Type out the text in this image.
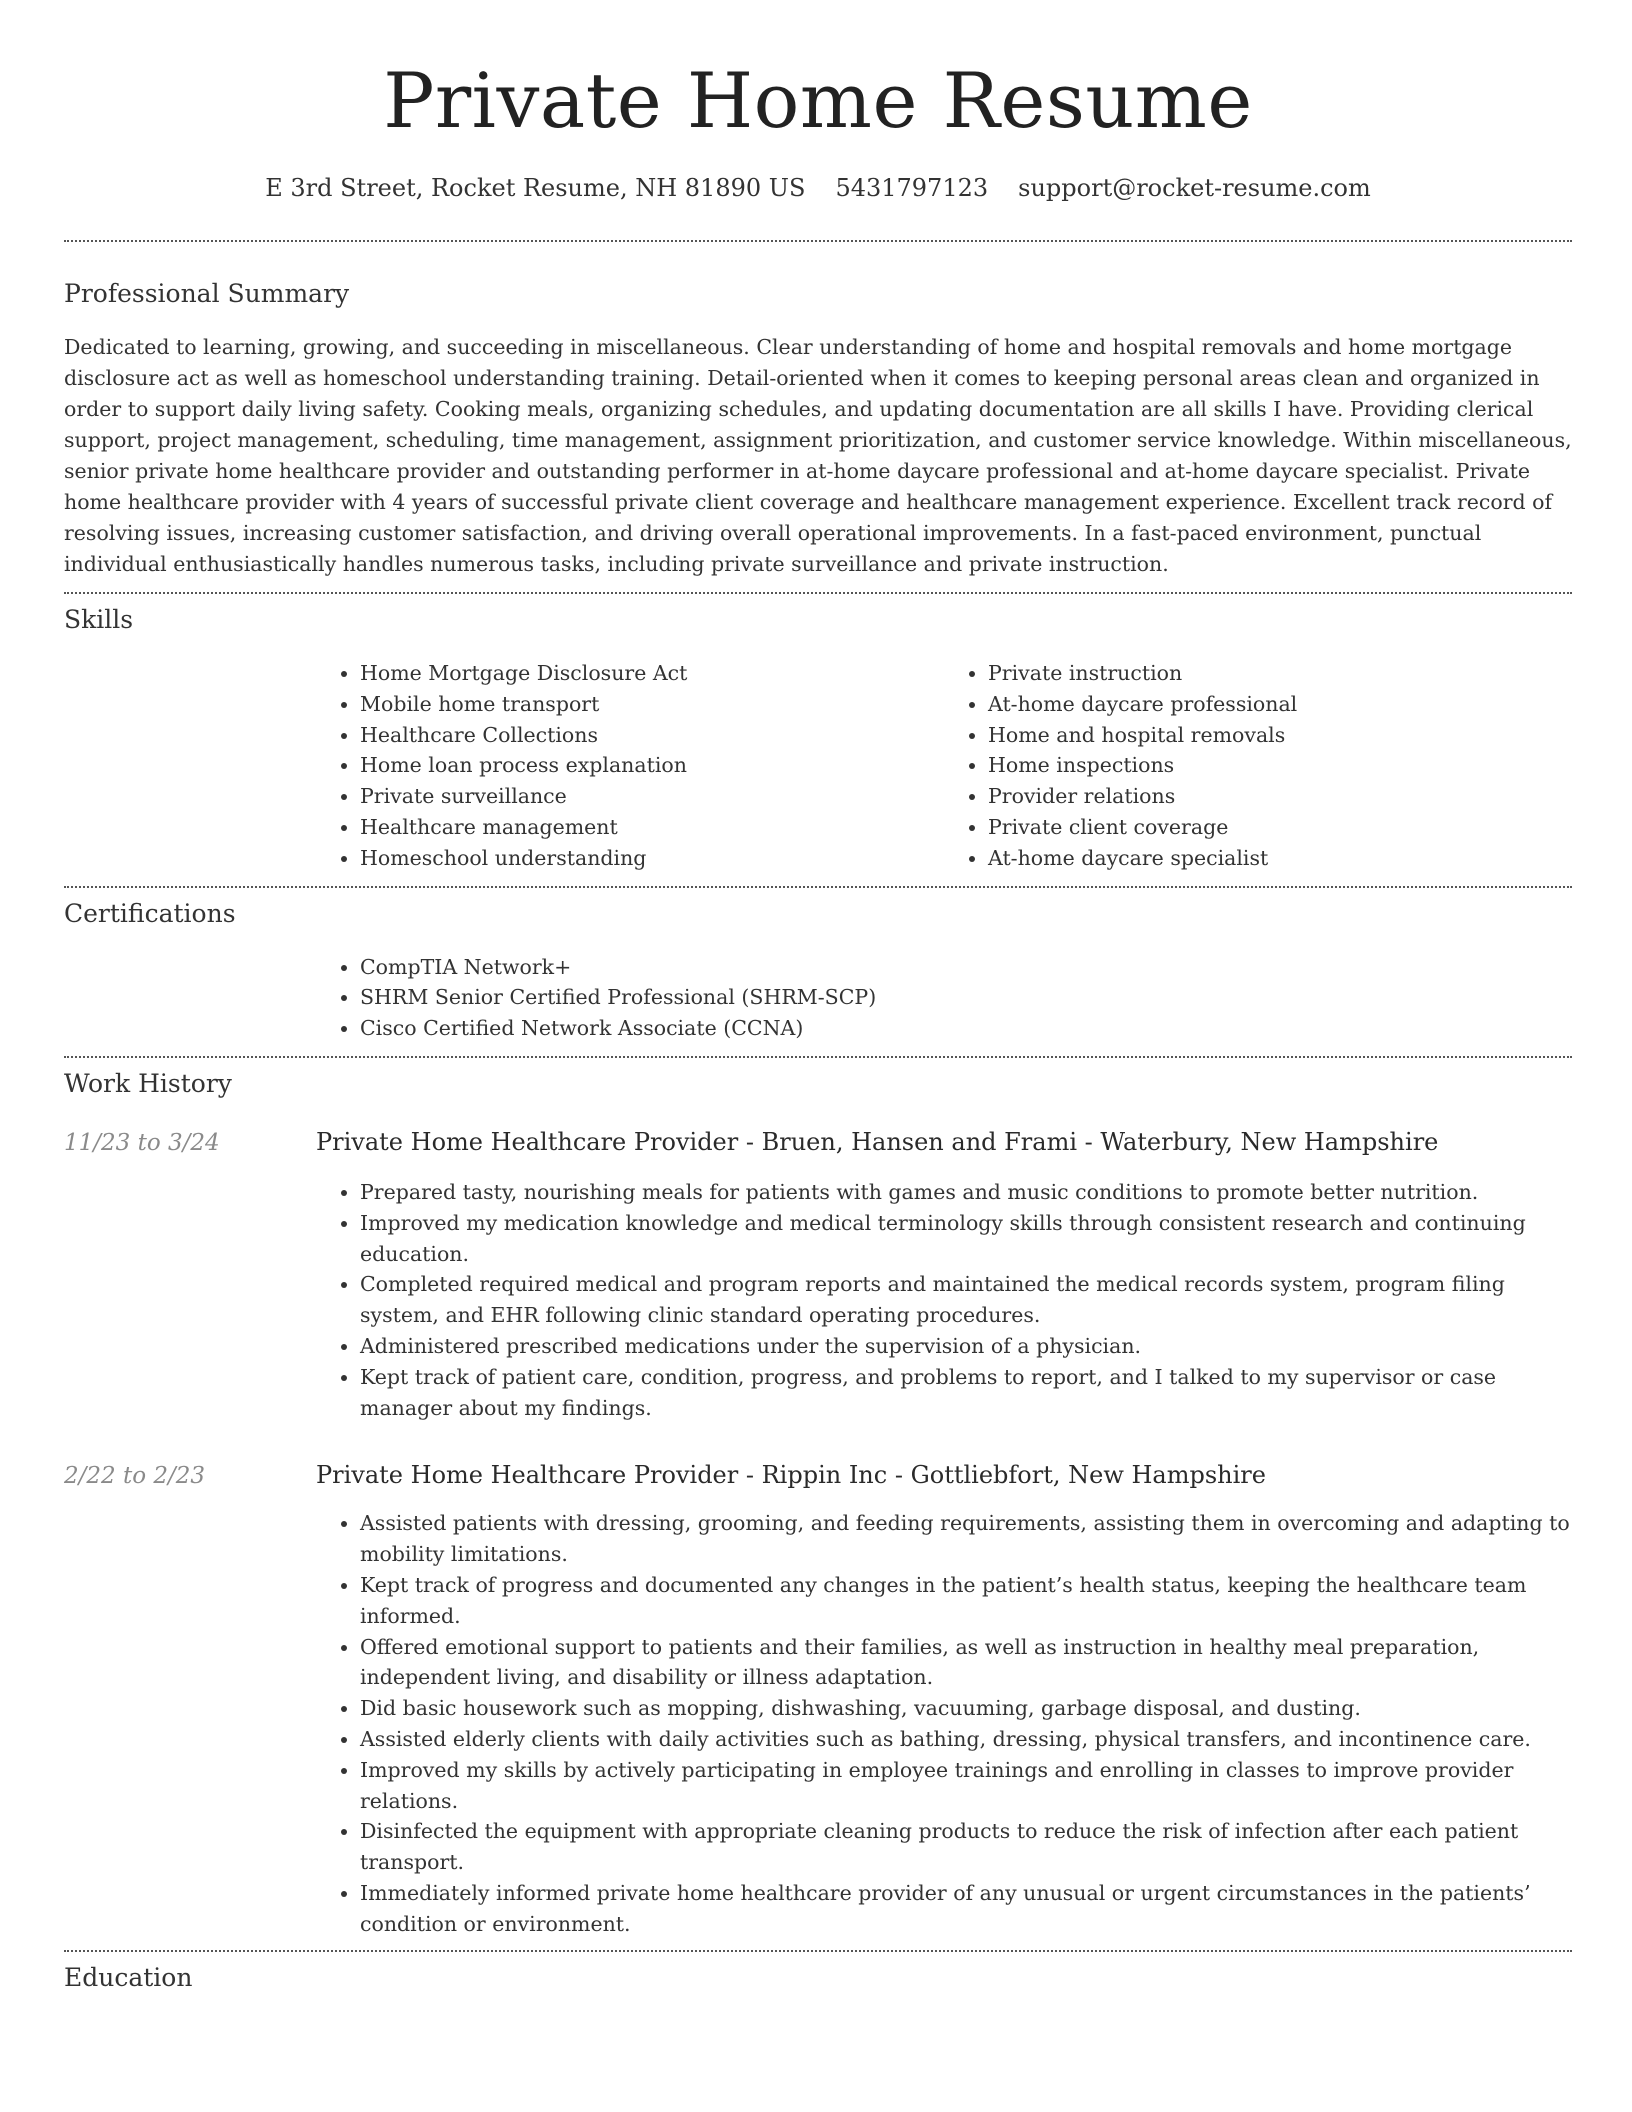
Private Home Resume
E 3rd Street, Rocket Resume, NH 81890 US 5431797123 support@rocket-resume.com
Professional Summary

Dedicated to learning, growing, and succeeding in miscellaneous. Clear understanding of home and hospital removals and home mortgage disclosure act as well as homeschool understanding training. Detail-oriented when it comes to keeping personal areas clean and organized in order to support daily living safety. Cooking meals, organizing schedules, and updating documentation are all skills I have. Providing clerical support, project management, scheduling, time management, assignment prioritization, and customer service knowledge. Within miscellaneous, senior private home healthcare provider and outstanding performer in at-home daycare professional and at-home daycare specialist. Private home healthcare provider with 4 years of successful private client coverage and healthcare management experience. Excellent track record of resolving issues, increasing customer satisfaction, and driving overall operational improvements. In a fast-paced environment, punctual individual enthusiastically handles numerous tasks, including private surveillance and private instruction.

Skills
• Home Mortgage Disclosure Act
• Mobile home transport
• Healthcare Collections
• Home loan process explanation
• Private surveillance
• Healthcare management
• Homeschool understanding
• Private instruction
• At-home daycare professional
• Home and hospital removals
• Home inspections
• Provider relations
• Private client coverage
• At-home daycare specialist
Certifications
• CompTIA Network+
• SHRM Senior Certified Professional (SHRM-SCP)
• Cisco Certified Network Associate (CCNA)
Work History
11/23 to 3/24	Private Home Healthcare Provider - Bruen, Hansen and Frami - Waterbury, New Hampshire
• Prepared tasty, nourishing meals for patients with games and music conditions to promote better nutrition.
• Improved my medication knowledge and medical terminology skills through consistent research and continuing education.
• Completed required medical and program reports and maintained the medical records system, program filing system, and EHR following clinic standard operating procedures.
• Administered prescribed medications under the supervision of a physician.
• Kept track of patient care, condition, progress, and problems to report, and I talked to my supervisor or case manager about my findings.
2/22 to 2/23	Private Home Healthcare Provider - Rippin Inc - Gottliebfort, New Hampshire
• Assisted patients with dressing, grooming, and feeding requirements, assisting them in overcoming and adapting to mobility limitations.
• Kept track of progress and documented any changes in the patient’s health status, keeping the healthcare team informed.
• Offered emotional support to patients and their families, as well as instruction in healthy meal preparation, independent living, and disability or illness adaptation.
• Did basic housework such as mopping, dishwashing, vacuuming, garbage disposal, and dusting.
• Assisted elderly clients with daily activities such as bathing, dressing, physical transfers, and incontinence care.
• Improved my skills by actively participating in employee trainings and enrolling in classes to improve provider relations.
• Disinfected the equipment with appropriate cleaning products to reduce the risk of infection after each patient transport.
• Immediately informed private home healthcare provider of any unusual or urgent circumstances in the patients’ condition or environment.
Education
